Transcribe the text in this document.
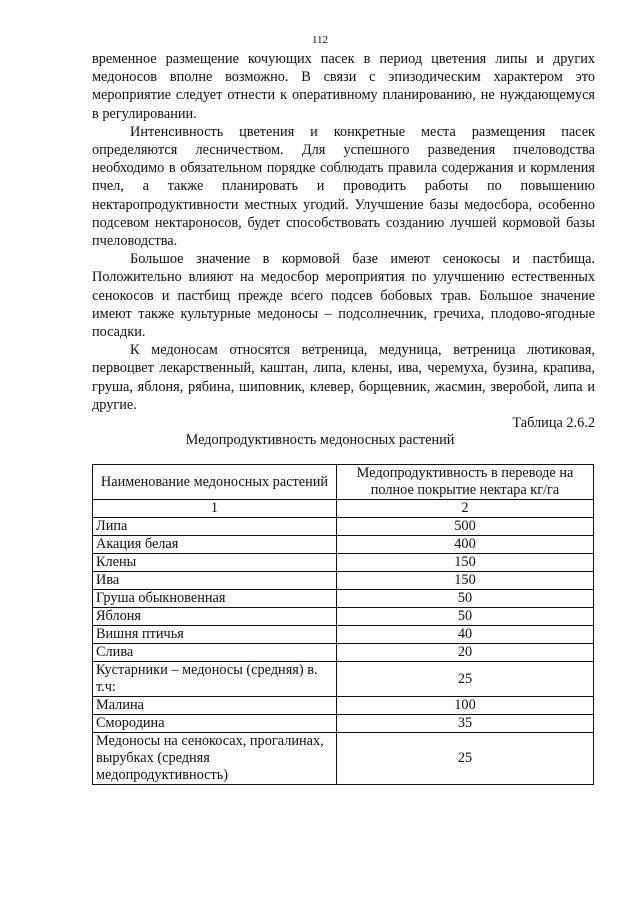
112

временное размещение кочующих пасек в период цветения липы и других медоносов вполне возможно. В связи с эпизодическим характером это мероприятие следует отнести к оперативному планированию, не нуждающемуся в регулировании.

Интенсивность цветения и конкретные места размещения пасек определяются лесничеством. Для успешного разведения пчеловодства необходимо в обязательном порядке соблюдать правила содержания и кормления пчел, а также планировать и проводить работы по повышению нектаропродуктивности местных угодий. Улучшение базы медосбора, особенно подсевом нектароносов, будет способствовать созданию лучшей кормовой базы пчеловодства.

Большое значение в кормовой базе имеют сенокосы и пастбища. Положительно влияют на медосбор мероприятия по улучшению естественных сенокосов и пастбищ прежде всего подсев бобовых трав. Большое значение имеют также культурные медоносы – подсолнечник, гречиха, плодово-ягодные посадки.

К медоносам относятся ветреница, медуница, ветреница лютиковая, первоцвет лекарственный, каштан, липа, клены, ива, черемуха, бузина, крапива, груша, яблоня, рябина, шиповник, клевер, борщевник, жасмин, зверобой, липа и другие.

Таблица 2.6.2
Медопродуктивность медоносных растений
Наименование медоносных растений	Медопродуктивность в переводе на полное покрытие нектара кг/га
1	2
Липа	500
Акация белая	400
Клены	150
Ива	150
Груша обыкновенная	50
Яблоня	50
Вишня птичья	40
Слива	20
Кустарники – медоносы (средняя) в. т.ч:	25
Малина	100
Смородина	35
Медоносы на сенокосах, прогалинах, вырубках (средняя медопродуктивность)	25
